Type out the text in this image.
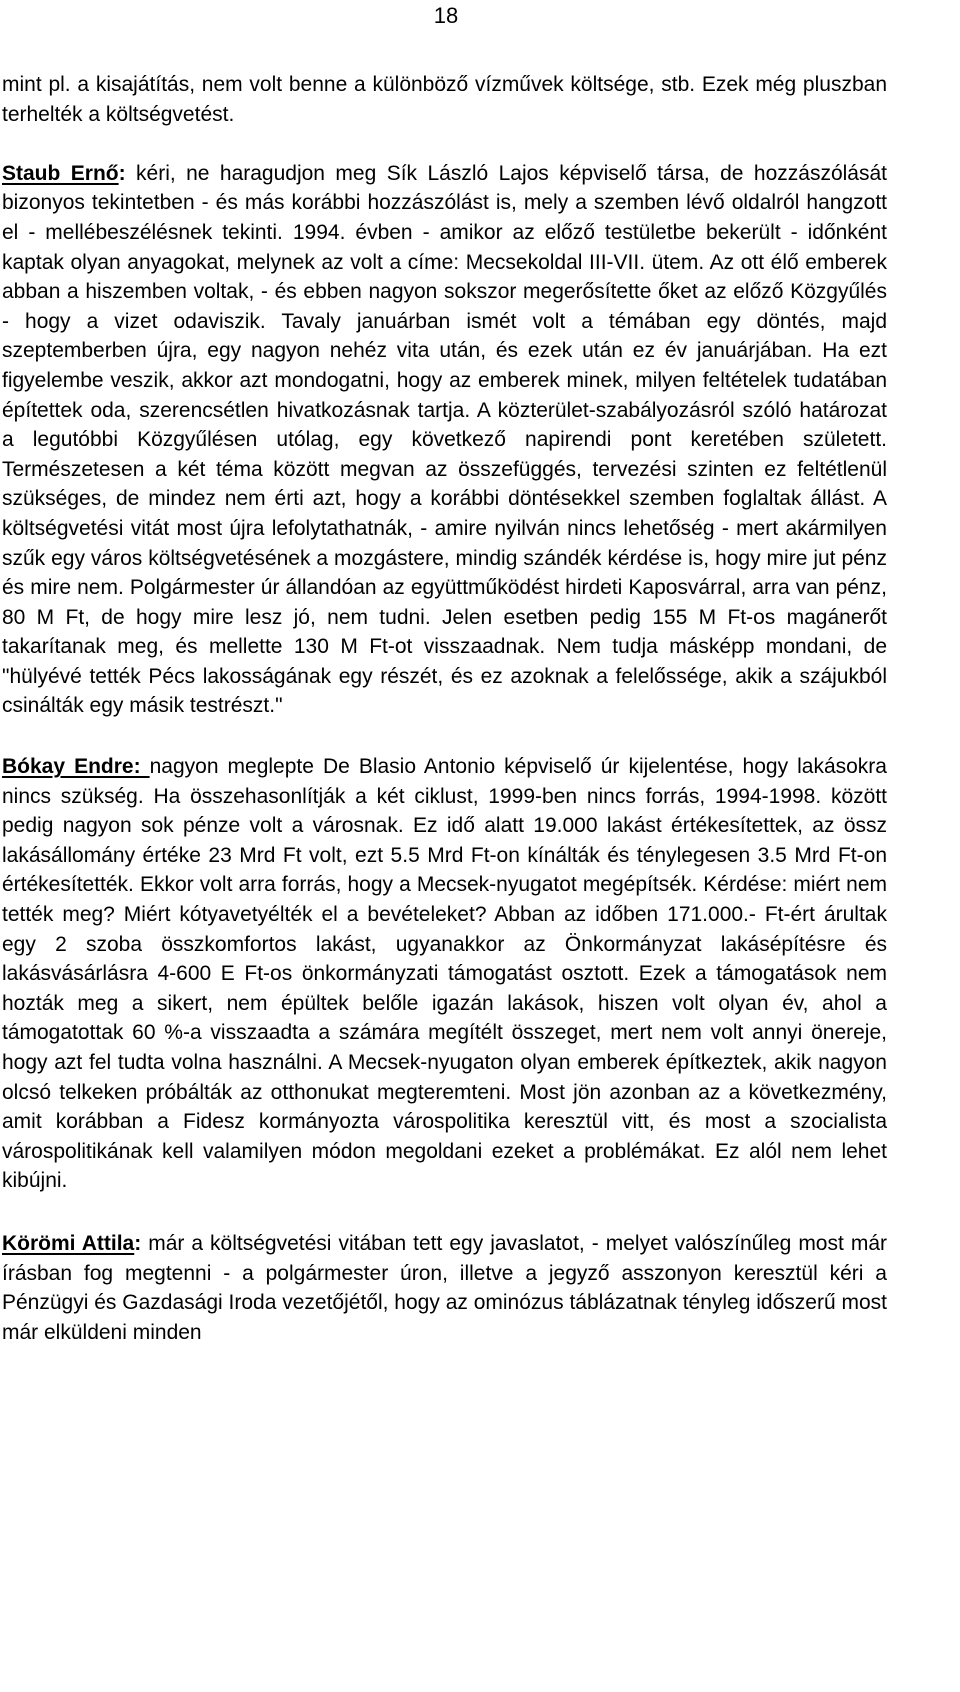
18

mint pl. a kisajátítás, nem volt benne a különböző vízművek költsége, stb. Ezek még pluszban terhelték a költségvetést.

Staub Ernő: kéri, ne haragudjon meg Sík László Lajos képviselő társa, de hozzászólását bizonyos tekintetben - és más korábbi hozzászólást is, mely a szemben lévő oldalról hangzott el - mellébeszélésnek tekinti. 1994. évben - amikor az előző testületbe bekerült - időnként kaptak olyan anyagokat, melynek az volt a címe: Mecsekoldal III-VII. ütem. Az ott élő emberek abban a hiszemben voltak, - és ebben nagyon sokszor megerősítette őket az előző Közgyűlés - hogy a vizet odaviszik. Tavaly januárban ismét volt a témában egy döntés, majd szeptemberben újra, egy nagyon nehéz vita után, és ezek után ez év januárjában. Ha ezt figyelembe veszik, akkor azt mondogatni, hogy az emberek minek, milyen feltételek tudatában építettek oda, szerencsétlen hivatkozásnak tartja. A közterület-szabályozásról szóló határozat a legutóbbi Közgyűlésen utólag, egy következő napirendi pont keretében született. Természetesen a két téma között megvan az összefüggés, tervezési szinten ez feltétlenül szükséges, de mindez nem érti azt, hogy a korábbi döntésekkel szemben foglaltak állást. A költségvetési vitát most újra lefolytathatnák, - amire nyilván nincs lehetőség - mert akármilyen szűk egy város költségvetésének a mozgástere, mindig szándék kérdése is, hogy mire jut pénz és mire nem. Polgármester úr állandóan az együttműködést hirdeti Kaposvárral, arra van pénz, 80 M Ft, de hogy mire lesz jó, nem tudni. Jelen esetben pedig 155 M Ft-os magánerőt takarítanak meg, és mellette 130 M Ft-ot visszaadnak. Nem tudja másképp mondani, de "hülyévé tették Pécs lakosságának egy részét, és ez azoknak a felelőssége, akik a szájukból csinálták egy másik testrészt."

Bókay Endre: nagyon meglepte De Blasio Antonio képviselő úr kijelentése, hogy lakásokra nincs szükség. Ha összehasonlítják a két ciklust, 1999-ben nincs forrás, 1994-1998. között pedig nagyon sok pénze volt a városnak. Ez idő alatt 19.000 lakást értékesítettek, az össz lakásállomány értéke 23 Mrd Ft volt, ezt 5.5 Mrd Ft-on kínálták és ténylegesen 3.5 Mrd Ft-on értékesítették. Ekkor volt arra forrás, hogy a Mecsek-nyugatot megépítsék. Kérdése: miért nem tették meg? Miért kótyavetyélték el a bevételeket? Abban az időben 171.000.- Ft-ért árultak egy 2 szoba összkomfortos lakást, ugyanakkor az Önkormányzat lakásépítésre és lakásvásárlásra 4-600 E Ft-os önkormányzati támogatást osztott. Ezek a támogatások nem hozták meg a sikert, nem épültek belőle igazán lakások, hiszen volt olyan év, ahol a támogatottak 60 %-a visszaadta a számára megítélt összeget, mert nem volt annyi önereje, hogy azt fel tudta volna használni. A Mecsek-nyugaton olyan emberek építkeztek, akik nagyon olcsó telkeken próbálták az otthonukat megteremteni. Most jön azonban az a következmény, amit korábban a Fidesz kormányozta várospolitika keresztül vitt, és most a szocialista várospolitikának kell valamilyen módon megoldani ezeket a problémákat. Ez alól nem lehet kibújni.

Körömi Attila: már a költségvetési vitában tett egy javaslatot, - melyet valószínűleg most már írásban fog megtenni - a polgármester úron, illetve a jegyző asszonyon keresztül kéri a Pénzügyi és Gazdasági Iroda vezetőjétől, hogy az ominózus táblázatnak tényleg időszerű most már elküldeni minden
